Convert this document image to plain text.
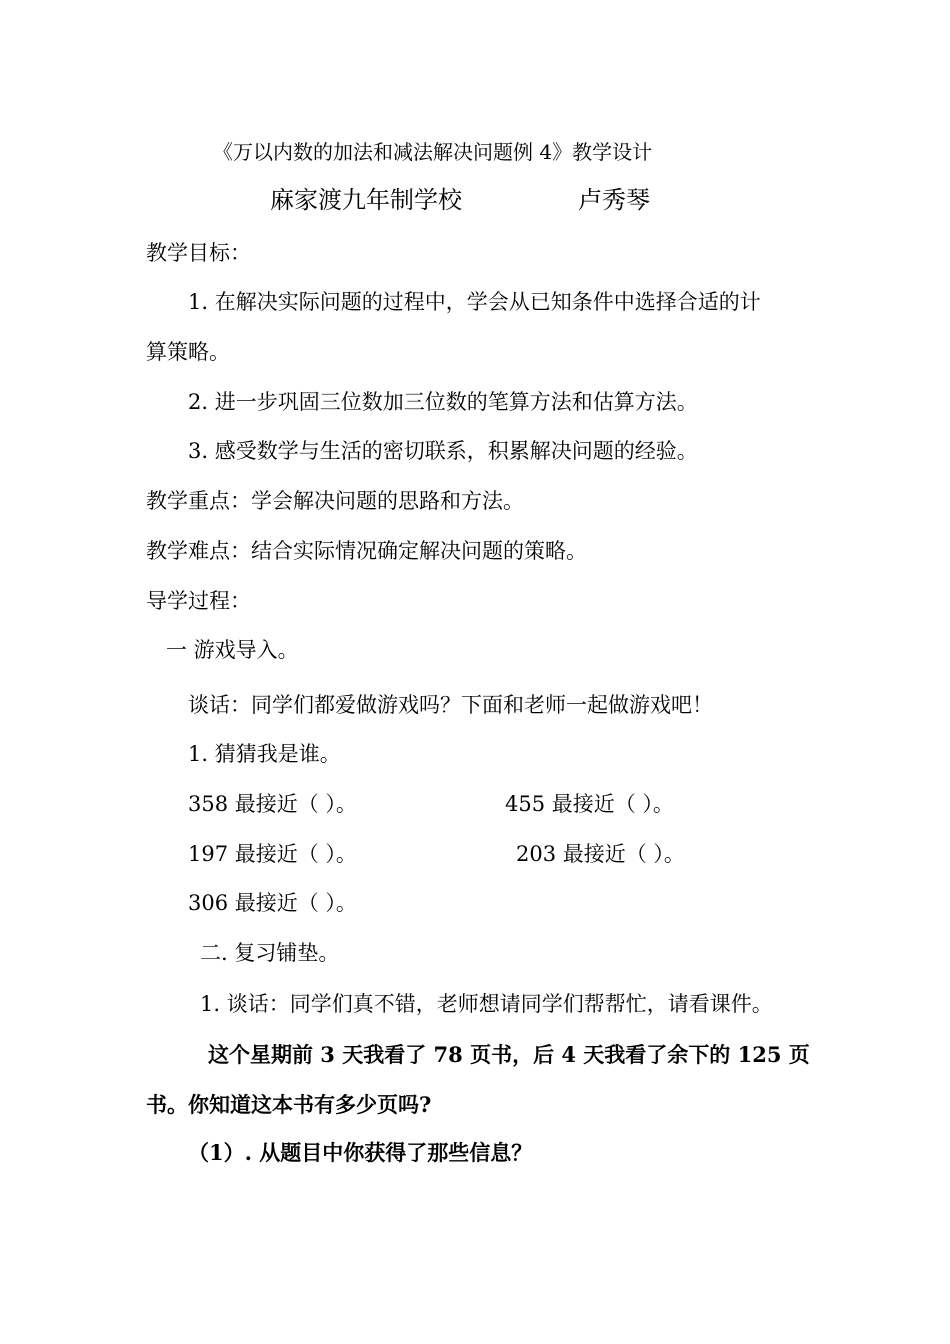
《万以内数的加法和减法解决问题例 4》教学设计
麻家渡九年制学校	卢秀琴
教学目标：
1. 在解决实际问题的过程中，学会从已知条件中选择合适的计
算策略。
2. 进一步巩固三位数加三位数的笔算方法和估算方法。
3. 感受数学与生活的密切联系，积累解决问题的经验。
教学重点：学会解决问题的思路和方法。
教学难点：结合实际情况确定解决问题的策略。
导学过程：
一 游戏导入。
谈话：同学们都爱做游戏吗？下面和老师一起做游戏吧！
1. 猜猜我是谁。
358 最接近（ ）。	455 最接近（ ）。
197 最接近（ ）。	203 最接近（ ）。
306 最接近（ ）。
二. 复习铺垫。
1. 谈话：同学们真不错，老师想请同学们帮帮忙，请看课件。
这个星期前 3 天我看了 78 页书，后 4 天我看了余下的 125 页
书。你知道这本书有多少页吗?
（1）. 从题目中你获得了那些信息？
